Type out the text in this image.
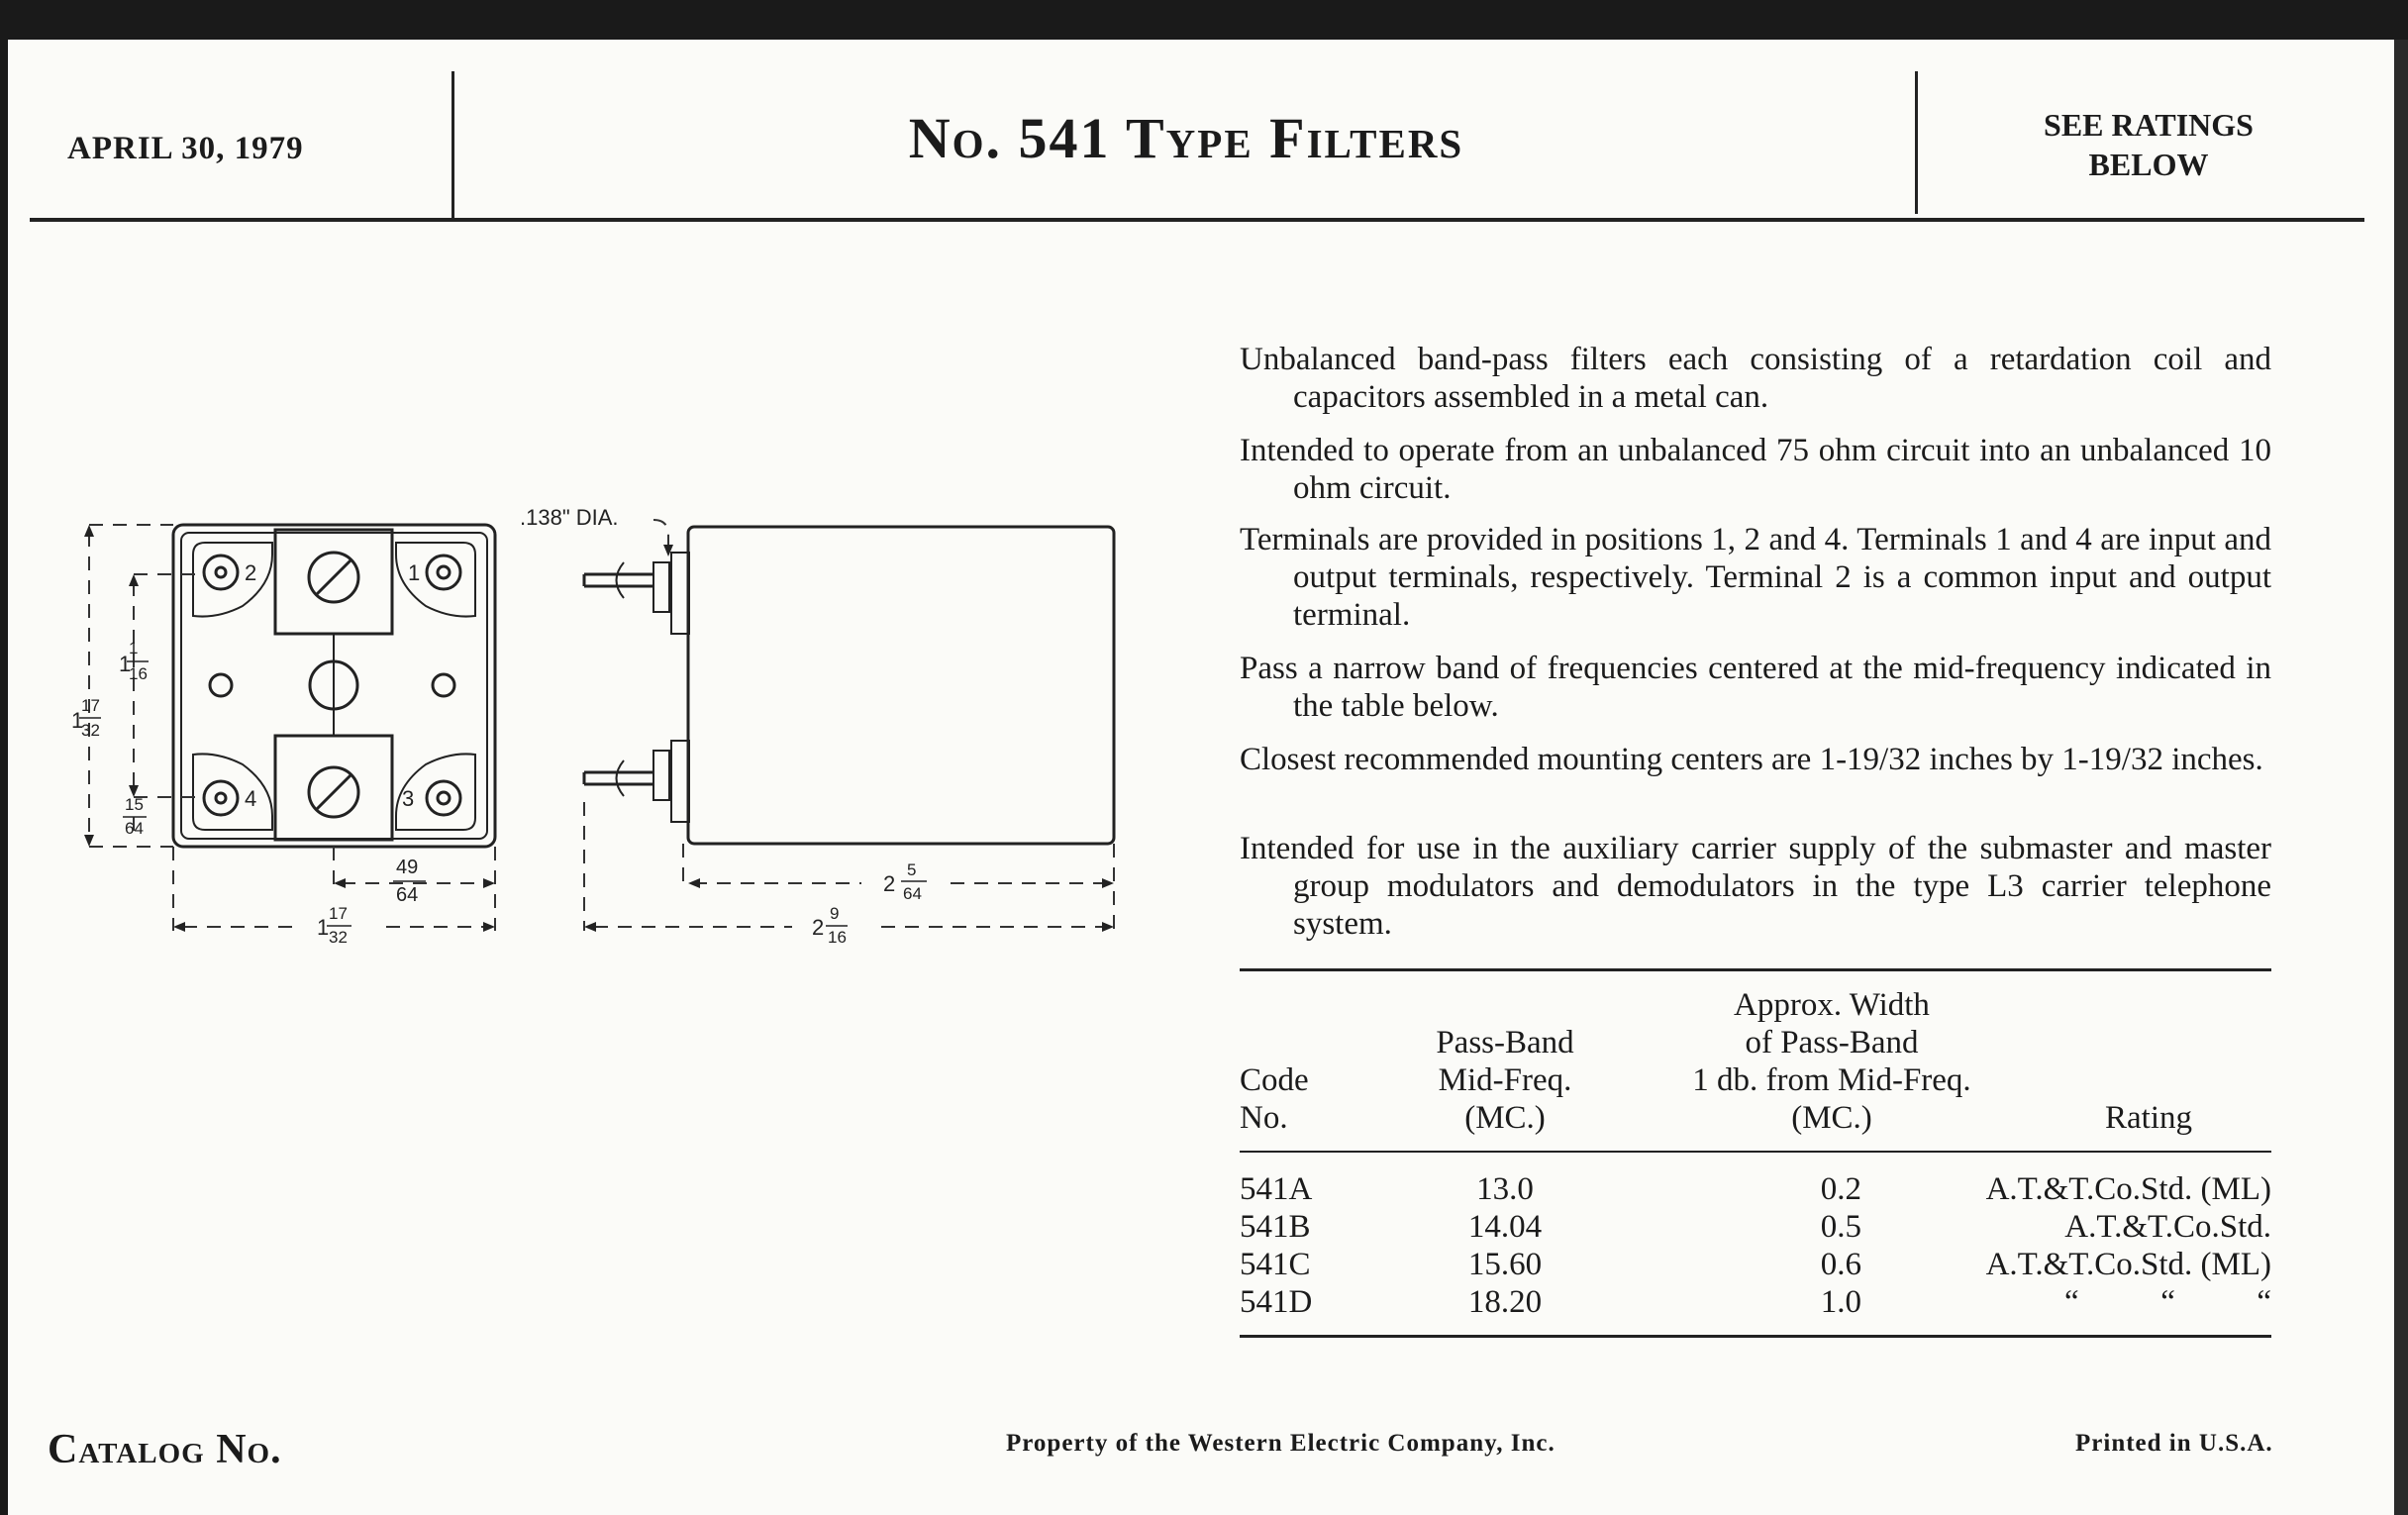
APRIL 30, 1979	No. 541 Type Filters	SEE RATINGS
BELOW
2	1
4	3
.138" DIA.
1
1
16
1
17
32
15
64
49
64
1
17
32
2
5
64
2
9
16
Unbalanced band-pass filters each consisting of a retardation coil and capacitors assembled in a metal can.
Intended to operate from an unbalanced 75 ohm circuit into an unbalanced 10 ohm circuit.
Terminals are provided in positions 1, 2 and 4. Terminals 1 and 4 are input and output terminals, respectively. Terminal 2 is a common input and output terminal.
Pass a narrow band of frequencies centered at the mid-frequency indicated in the table below.
Closest recommended mounting centers are 1-19/32 inches by 1-19/32 inches.
Intended for use in the auxiliary carrier supply of the submaster and master group modulators and demodulators in the type L3 carrier telephone system.
Code
No.
Pass-Band
Mid-Freq.
(MC.)
Approx. Width
of Pass-Band
1 db. from Mid-Freq.
(MC.)	Rating
541A	13.0	0.2	A.T.&T.Co.Std. (ML)
541B	14.04	0.5	A.T.&T.Co.Std.
541C	15.60	0.6	A.T.&T.Co.Std. (ML)
541D	18.20	1.0	“          “          “
Catalog No.	Property of the Western Electric Company, Inc.	Printed in U.S.A.
